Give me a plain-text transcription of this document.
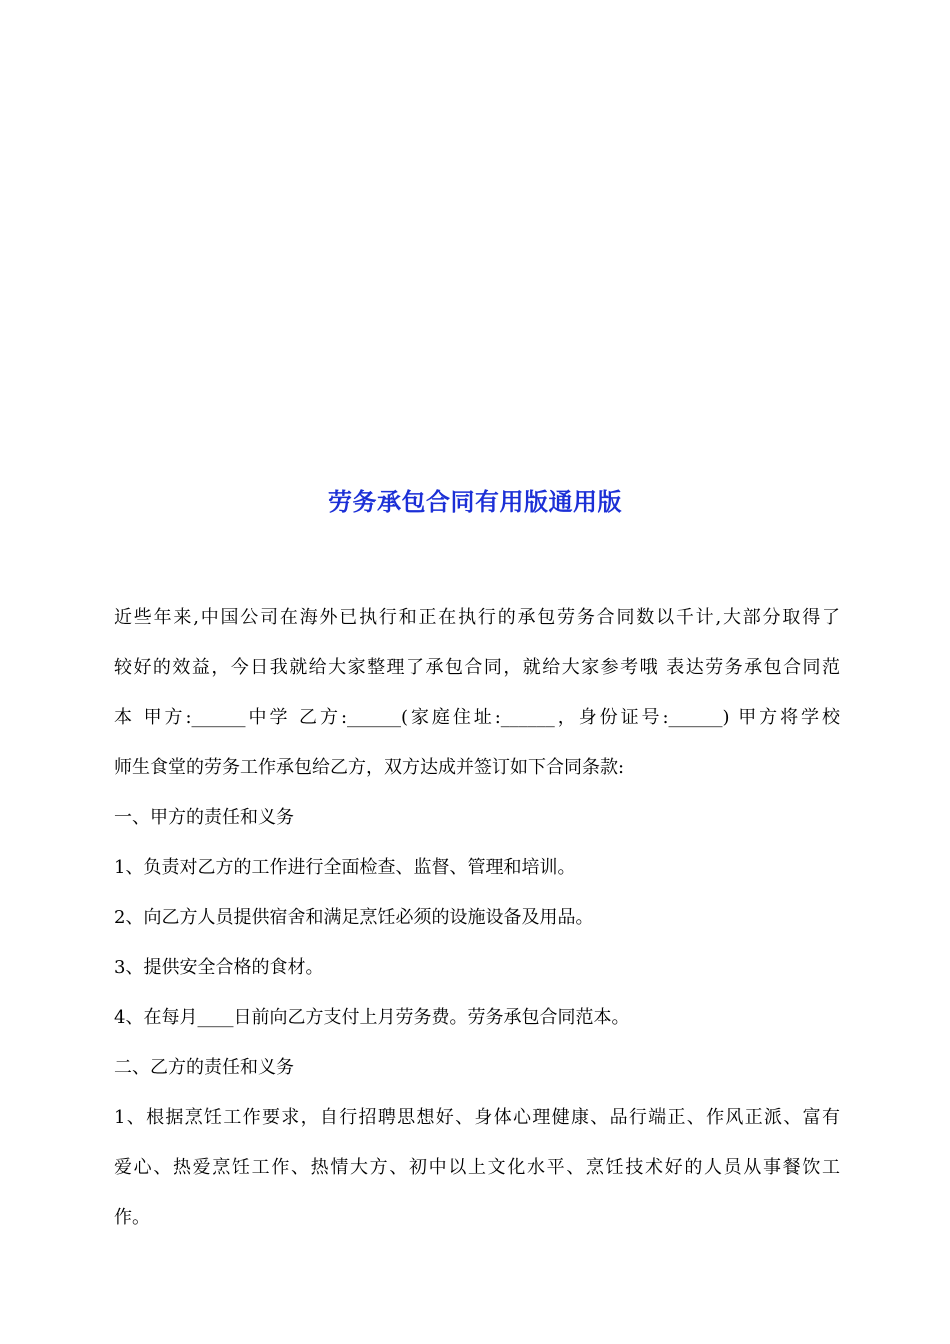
劳务承包合同有用版通用版
近些年来,中国公司在海外已执行和正在执行的承包劳务合同数以千计,大部分取得了
较好的效益，今日我就给大家整理了承包合同，就给大家参考哦 表达劳务承包合同范
本 甲方:______中学 乙方:______(家庭住址:______，身份证号:______) 甲方将学校
师生食堂的劳务工作承包给乙方，双方达成并签订如下合同条款:
一、甲方的责任和义务
1、负责对乙方的工作进行全面检查、监督、管理和培训。
2、向乙方人员提供宿舍和满足烹饪必须的设施设备及用品。
3、提供安全合格的食材。
4、在每月____日前向乙方支付上月劳务费。劳务承包合同范本。
二、乙方的责任和义务
1、根据烹饪工作要求，自行招聘思想好、身体心理健康、品行端正、作风正派、富有
爱心、热爱烹饪工作、热情大方、初中以上文化水平、烹饪技术好的人员从事餐饮工
作。
